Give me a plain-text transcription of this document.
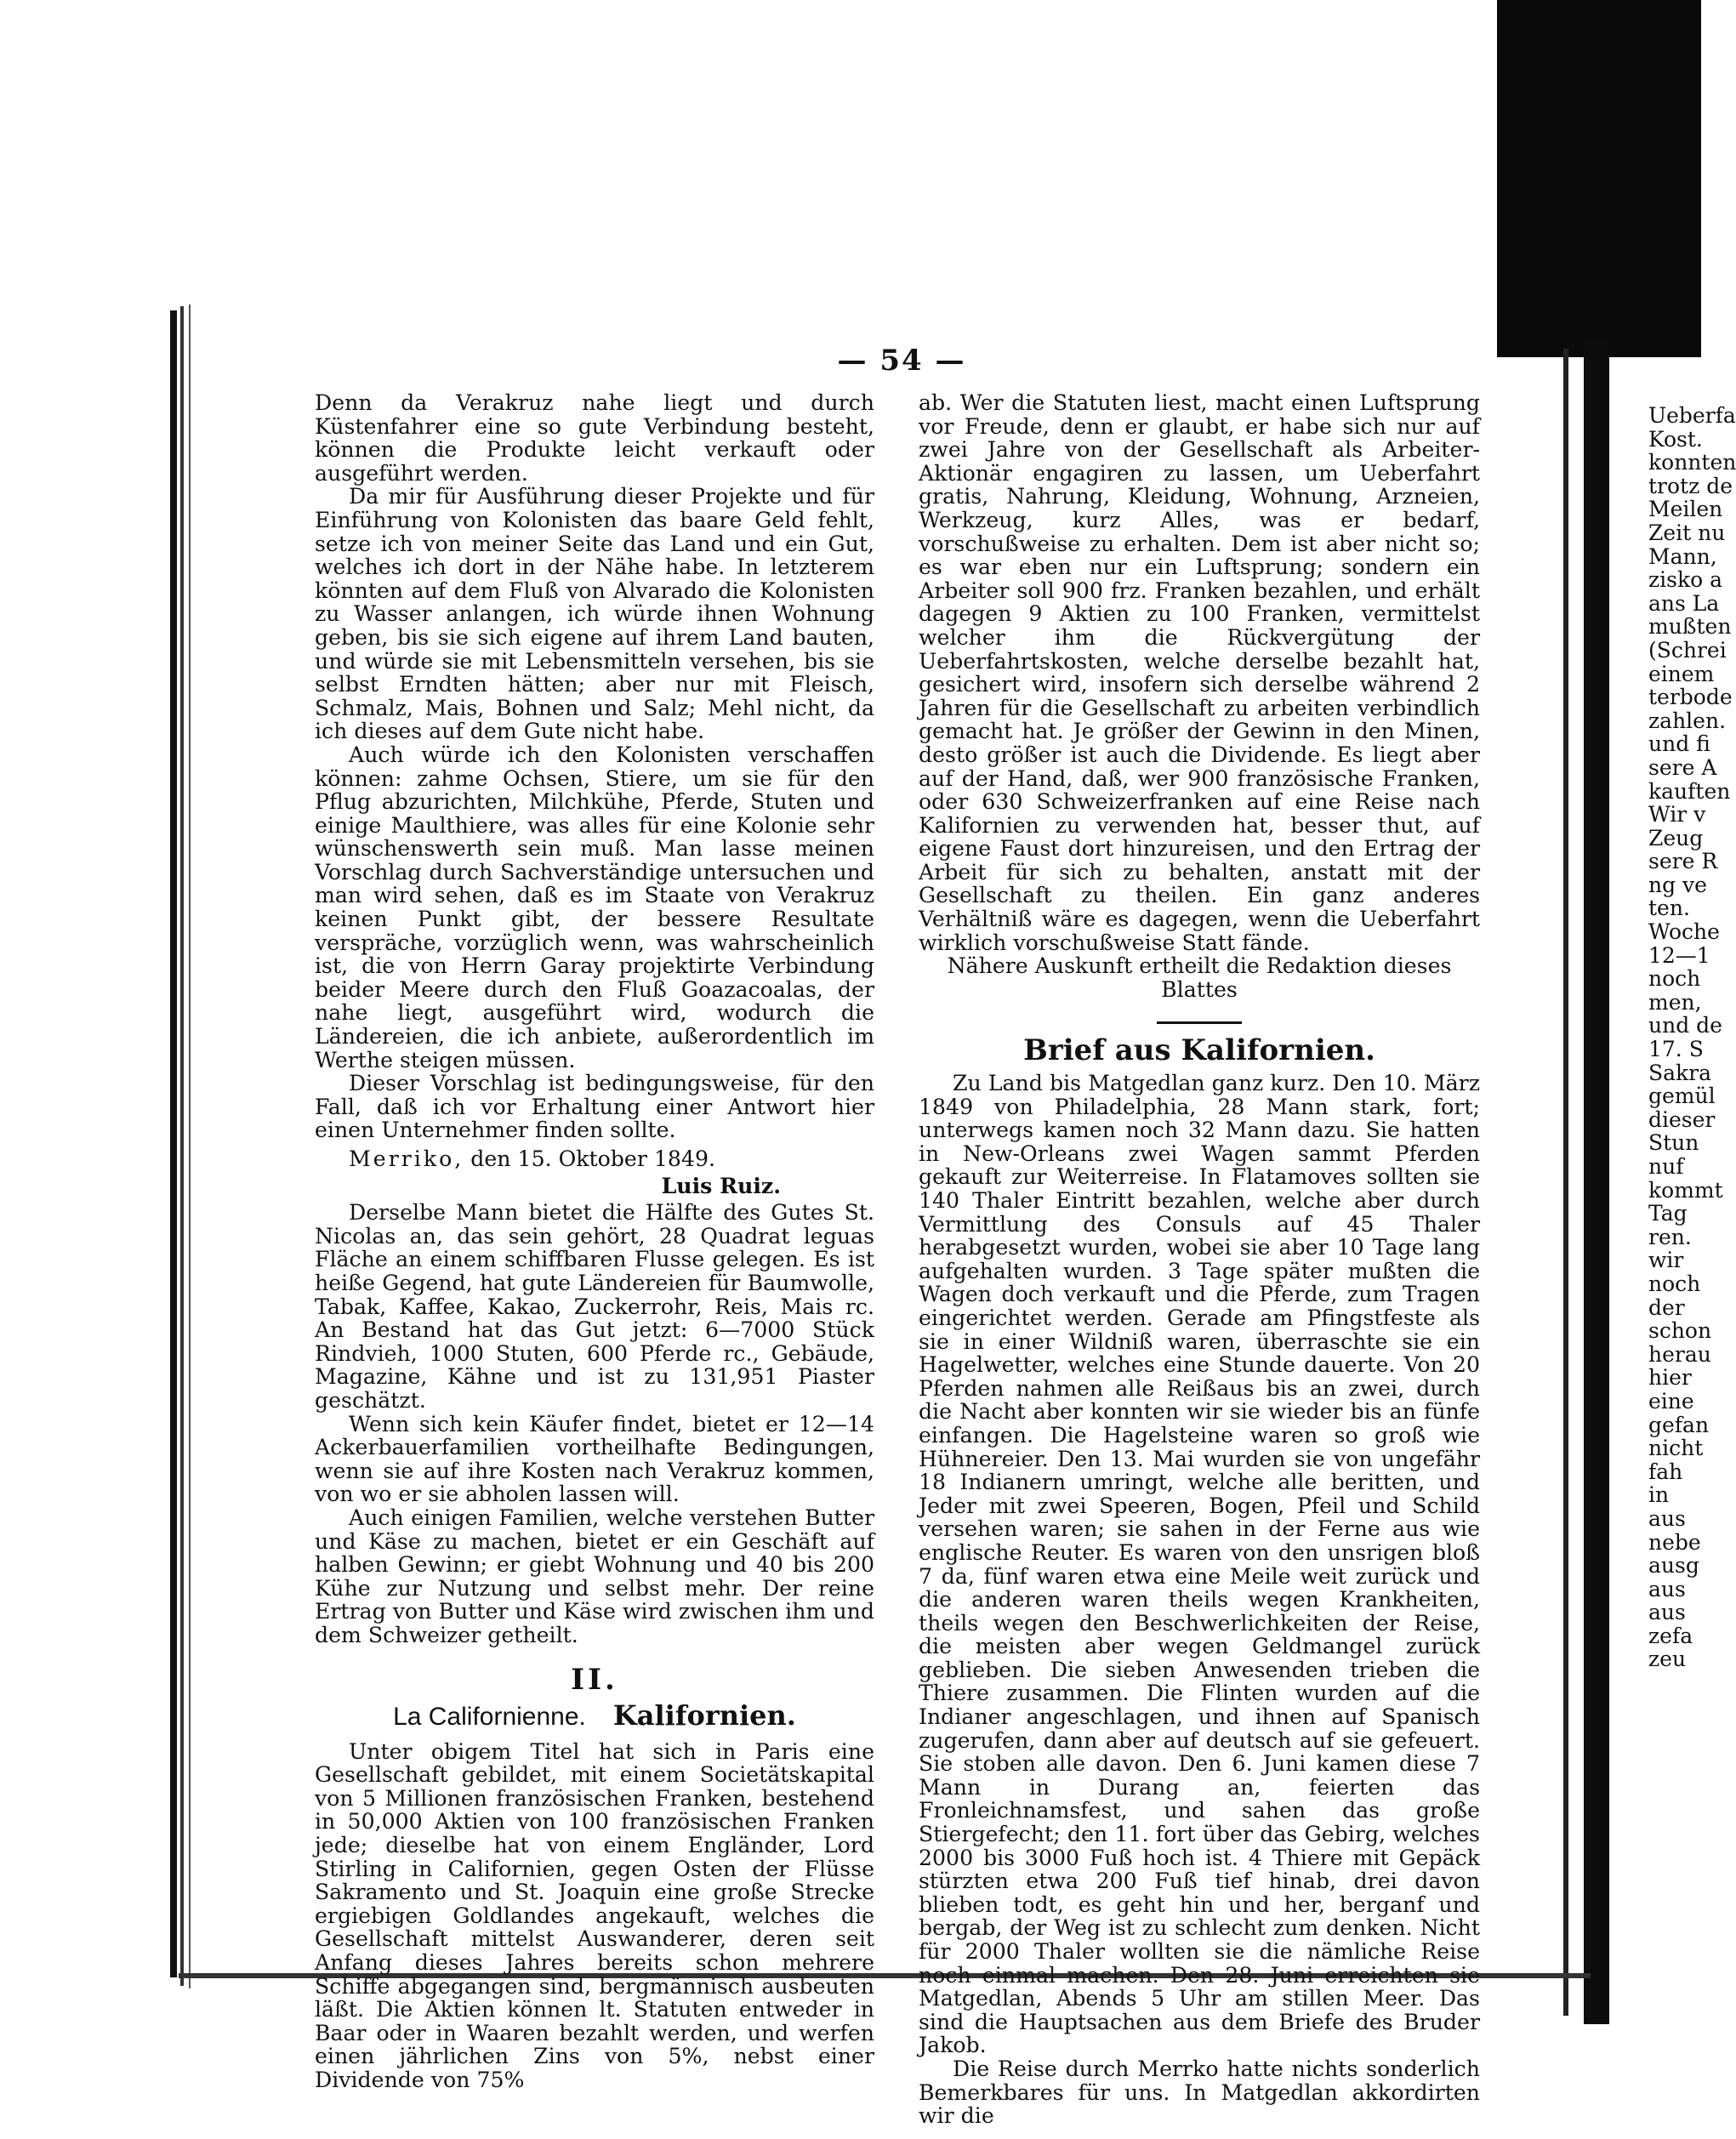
— 54 —

Denn da Verakruz nahe liegt und durch Küstenfahrer eine so gute Verbindung besteht, können die Produkte leicht verkauft oder ausgeführt werden.

Da mir für Ausführung dieser Projekte und für Einführung von Kolonisten das baare Geld fehlt, setze ich von meiner Seite das Land und ein Gut, welches ich dort in der Nähe habe. In letzterem könnten auf dem Fluß von Alvarado die Kolonisten zu Wasser anlangen, ich würde ihnen Wohnung geben, bis sie sich eigene auf ihrem Land bauten, und würde sie mit Lebensmitteln versehen, bis sie selbst Erndten hätten; aber nur mit Fleisch, Schmalz, Mais, Bohnen und Salz; Mehl nicht, da ich dieses auf dem Gute nicht habe.

Auch würde ich den Kolonisten verschaffen können: zahme Ochsen, Stiere, um sie für den Pflug abzurichten, Milchkühe, Pferde, Stuten und einige Maulthiere, was alles für eine Kolonie sehr wünschenswerth sein muß. Man lasse meinen Vorschlag durch Sachverständige untersuchen und man wird sehen, daß es im Staate von Verakruz keinen Punkt gibt, der bessere Resultate verspräche, vorzüglich wenn, was wahrscheinlich ist, die von Herrn Garay projektirte Verbindung beider Meere durch den Fluß Goazacoalas, der nahe liegt, ausgeführt wird, wodurch die Ländereien, die ich anbiete, außerordentlich im Werthe steigen müssen.

Dieser Vorschlag ist bedingungsweise, für den Fall, daß ich vor Erhaltung einer Antwort hier einen Unternehmer finden sollte.

Merriko, den 15. Oktober 1849.

Luis Ruiz.

Derselbe Mann bietet die Hälfte des Gutes St. Nicolas an, das sein gehört, 28 Quadrat leguas Fläche an einem schiffbaren Flusse gelegen. Es ist heiße Gegend, hat gute Ländereien für Baumwolle, Tabak, Kaffee, Kakao, Zuckerrohr, Reis, Mais rc. An Bestand hat das Gut jetzt: 6—7000 Stück Rindvieh, 1000 Stuten, 600 Pferde rc., Gebäude, Magazine, Kähne und ist zu 131,951 Piaster geschätzt.

Wenn sich kein Käufer findet, bietet er 12—14 Ackerbauerfamilien vortheilhafte Bedingungen, wenn sie auf ihre Kosten nach Verakruz kommen, von wo er sie abholen lassen will.

Auch einigen Familien, welche verstehen Butter und Käse zu machen, bietet er ein Geschäft auf halben Gewinn; er giebt Wohnung und 40 bis 200 Kühe zur Nutzung und selbst mehr. Der reine Ertrag von Butter und Käse wird zwischen ihm und dem Schweizer getheilt.

II.
La Californienne. Kalifornien.

Unter obigem Titel hat sich in Paris eine Gesellschaft gebildet, mit einem Societätskapital von 5 Millionen französischen Franken, bestehend in 50,000 Aktien von 100 französischen Franken jede; dieselbe hat von einem Engländer, Lord Stirling in Californien, gegen Osten der Flüsse Sakramento und St. Joaquin eine große Strecke ergiebigen Goldlandes angekauft, welches die Gesellschaft mittelst Auswanderer, deren seit Anfang dieses Jahres bereits schon mehrere Schiffe abgegangen sind, bergmännisch ausbeuten läßt. Die Aktien können lt. Statuten entweder in Baar oder in Waaren bezahlt werden, und werfen einen jährlichen Zins von 5%, nebst einer Dividende von 75%

ab. Wer die Statuten liest, macht einen Luftsprung vor Freude, denn er glaubt, er habe sich nur auf zwei Jahre von der Gesellschaft als Arbeiter-Aktionär engagiren zu lassen, um Ueberfahrt gratis, Nahrung, Kleidung, Wohnung, Arzneien, Werkzeug, kurz Alles, was er bedarf, vorschußweise zu erhalten. Dem ist aber nicht so; es war eben nur ein Luftsprung; sondern ein Arbeiter soll 900 frz. Franken bezahlen, und erhält dagegen 9 Aktien zu 100 Franken, vermittelst welcher ihm die Rückvergütung der Ueberfahrtskosten, welche derselbe bezahlt hat, gesichert wird, insofern sich derselbe während 2 Jahren für die Gesellschaft zu arbeiten verbindlich gemacht hat. Je größer der Gewinn in den Minen, desto größer ist auch die Dividende. Es liegt aber auf der Hand, daß, wer 900 französische Franken, oder 630 Schweizerfranken auf eine Reise nach Kalifornien zu verwenden hat, besser thut, auf eigene Faust dort hinzureisen, und den Ertrag der Arbeit für sich zu behalten, anstatt mit der Gesellschaft zu theilen. Ein ganz anderes Verhältniß wäre es dagegen, wenn die Ueberfahrt wirklich vorschußweise Statt fände.

Nähere Auskunft ertheilt die Redaktion dieses Blattes

Brief aus Kalifornien.

Zu Land bis Matgedlan ganz kurz. Den 10. März 1849 von Philadelphia, 28 Mann stark, fort; unterwegs kamen noch 32 Mann dazu. Sie hatten in New-Orleans zwei Wagen sammt Pferden gekauft zur Weiterreise. In Flatamoves sollten sie 140 Thaler Eintritt bezahlen, welche aber durch Vermittlung des Consuls auf 45 Thaler herabgesetzt wurden, wobei sie aber 10 Tage lang aufgehalten wurden. 3 Tage später mußten die Wagen doch verkauft und die Pferde, zum Tragen eingerichtet werden. Gerade am Pfingstfeste als sie in einer Wildniß waren, überraschte sie ein Hagelwetter, welches eine Stunde dauerte. Von 20 Pferden nahmen alle Reißaus bis an zwei, durch die Nacht aber konnten wir sie wieder bis an fünfe einfangen. Die Hagelsteine waren so groß wie Hühnereier. Den 13. Mai wurden sie von ungefähr 18 Indianern umringt, welche alle beritten, und Jeder mit zwei Speeren, Bogen, Pfeil und Schild versehen waren; sie sahen in der Ferne aus wie englische Reuter. Es waren von den unsrigen bloß 7 da, fünf waren etwa eine Meile weit zurück und die anderen waren theils wegen Krankheiten, theils wegen den Beschwerlichkeiten der Reise, die meisten aber wegen Geldmangel zurück geblieben. Die sieben Anwesenden trieben die Thiere zusammen. Die Flinten wurden auf die Indianer angeschlagen, und ihnen auf Spanisch zugerufen, dann aber auf deutsch auf sie gefeuert. Sie stoben alle davon. Den 6. Juni kamen diese 7 Mann in Durang an, feierten das Fronleichnamsfest, und sahen das große Stiergefecht; den 11. fort über das Gebirg, welches 2000 bis 3000 Fuß hoch ist. 4 Thiere mit Gepäck stürzten etwa 200 Fuß tief hinab, drei davon blieben todt, es geht hin und her, berganf und bergab, der Weg ist zu schlecht zum denken. Nicht für 2000 Thaler wollten sie die nämliche Reise noch einmal machen. Den 28. Juni erreichten sie Matgedlan, Abends 5 Uhr am stillen Meer. Das sind die Hauptsachen aus dem Briefe des Bruder Jakob.

Die Reise durch Merrko hatte nichts sonderlich Bemerkbares für uns. In Matgedlan akkordirten wir die

Ueberfa
Kost.
konnten
trotz de
Meilen
Zeit nu
Mann,
zisko a
ans La
mußten
(Schrei
einem
terbode
zahlen.
und fi
sere A
kauften
Wir v
Zeug
sere R
ng ve
ten.
Woche
12—1
noch
men,
und de
17. S
Sakra
gemül
dieser
Stun
nuf
kommt
Tag
ren.
wir
noch
der
schon
herau
hier
eine
gefan
nicht
fah
in
aus
nebe
ausg
aus
aus
zefa
zeu
